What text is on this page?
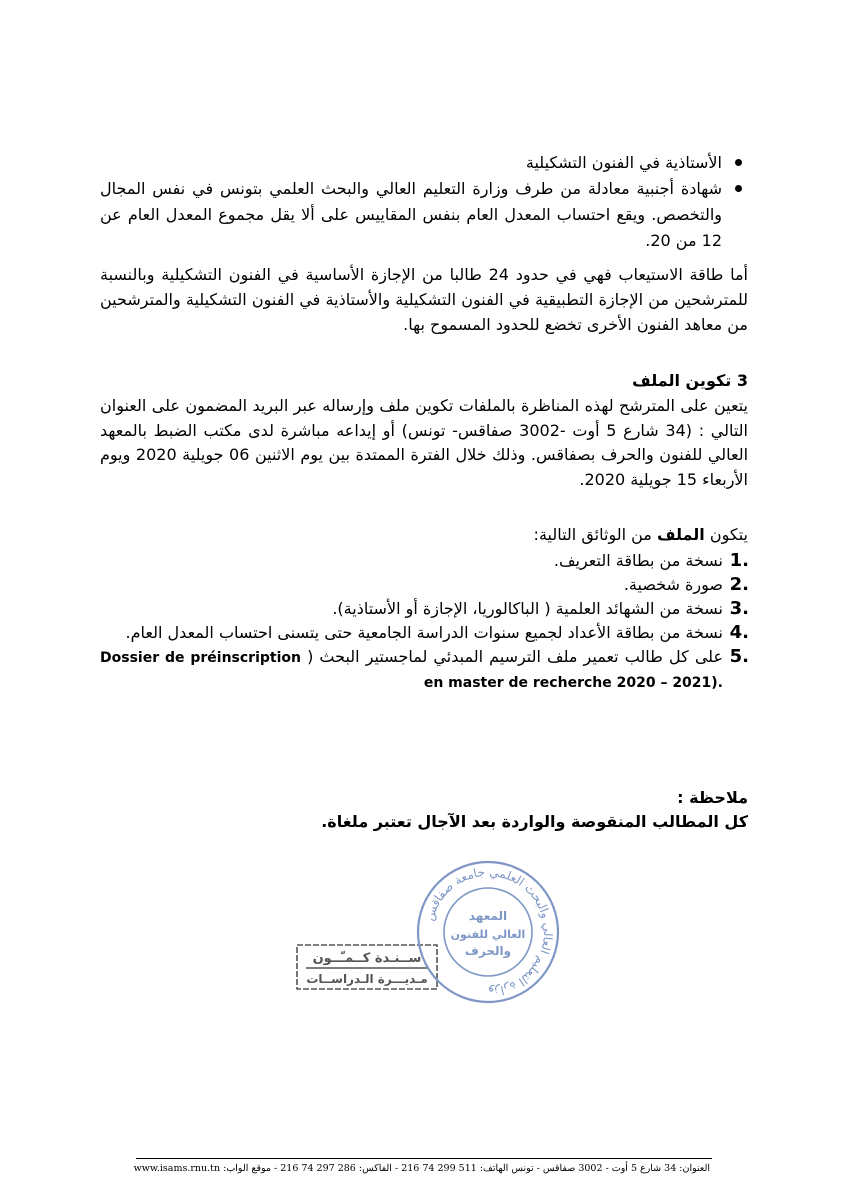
الأستاذية في الفنون التشكيلية
شهادة أجنبية معادلة من طرف وزارة التعليم العالي والبحث العلمي بتونس في نفس المجال والتخصص. ويقع احتساب المعدل العام بنفس المقاييس على ألا يقل مجموع المعدل العام عن 12 من 20.
أما طاقة الاستيعاب فهي في حدود 24 طالبا من الإجازة الأساسية في الفنون التشكيلية وبالنسبة للمترشحين من الإجازة التطبيقية في الفنون التشكيلية والأستاذية في الفنون التشكيلية والمترشحين من معاهد الفنون الأخرى تخضع للحدود المسموح بها.
3 تكوين الملف
يتعين على المترشح لهذه المناظرة بالملفات تكوين ملف وإرساله عبر البريد المضمون على العنوان التالي : (34 شارع 5 أوت -3002 صفاقس- تونس) أو إيداعه مباشرة لدى مكتب الضبط بالمعهد العالي للفنون والحرف بصفاقس. وذلك خلال الفترة الممتدة بين يوم الاثنين 06 جويلية 2020 ويوم الأربعاء 15 جويلية 2020.
يتكون الملف من الوثائق التالية:
1.
نسخة من بطاقة التعريف.
2.
صورة شخصية.
3.
نسخة من الشهائد العلمية ( الباكالوريا، الإجازة أو الأستاذية).
4.
نسخة من بطاقة الأعداد لجميع سنوات الدراسة الجامعية حتى يتسنى احتساب المعدل العام.
5.
على كل طالب تعمير ملف الترسيم المبدئي لماجستير البحث ( Dossier de préinscription en master de recherche 2020 – 2021).
ملاحظة :
كل المطالب المنقوصة والواردة بعد الآجال تعتبر ملغاة.
ســنـدة كــمـّــون
مـديـــرة الـدراســات
وزارة التعليم العالي والبحث العلمي جامعة صفاقس
المعهد
العالي للفنون
والحرف
العنوان: 34 شارع 5 أوت - 3002 صفاقس - تونس الهاتف: 511 299 74 216 - الفاكس: 286 297 74 216 - موقع الواب: www.isams.rnu.tn
